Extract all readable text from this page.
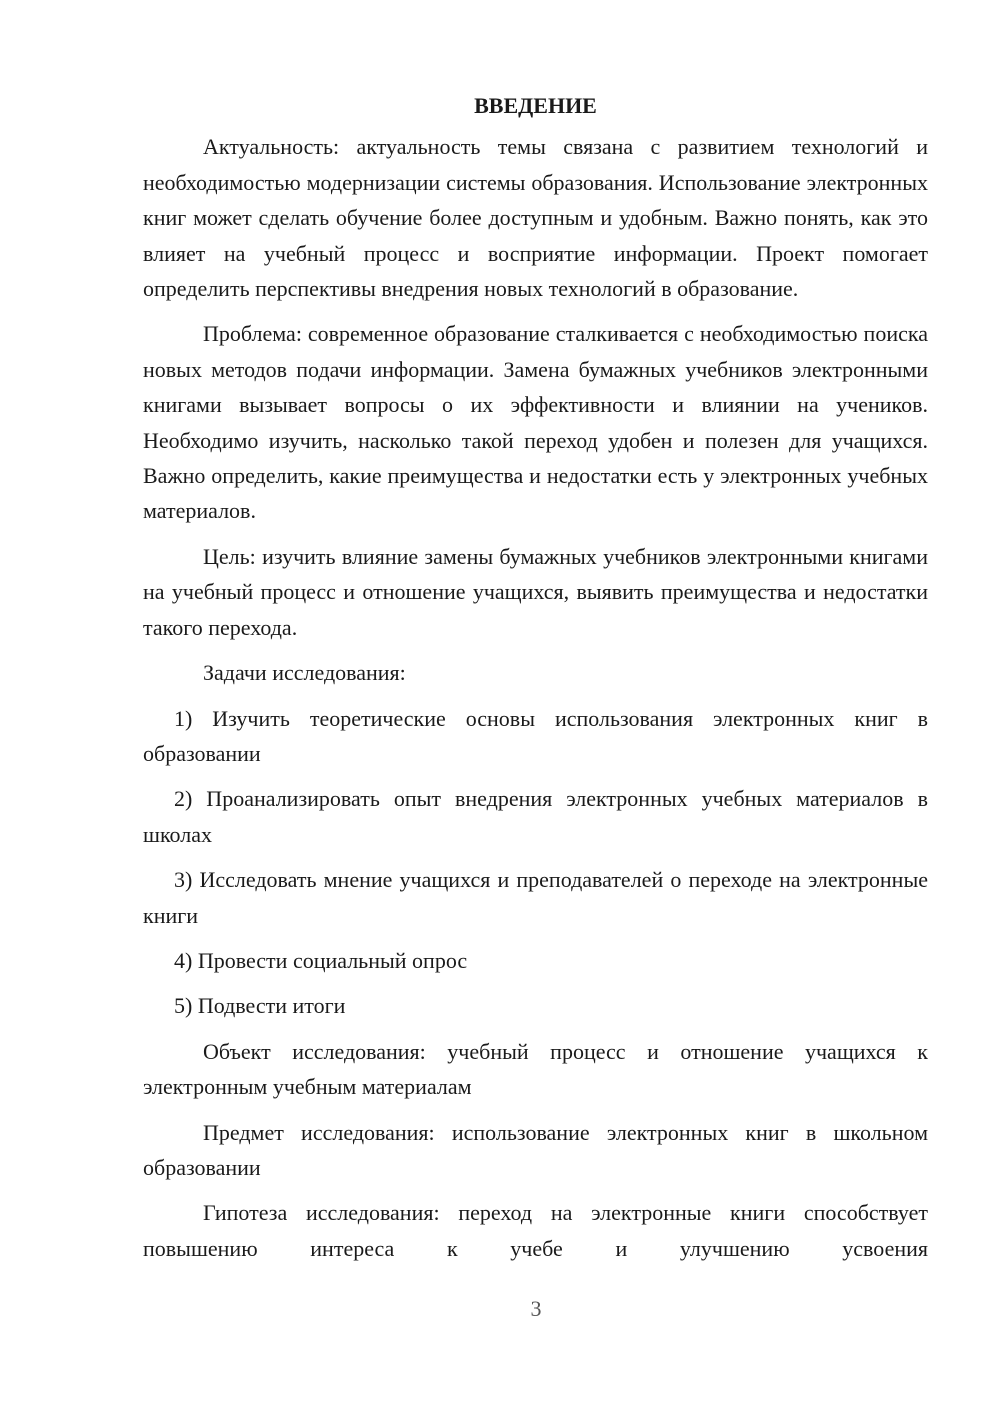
ВВЕДЕНИЕ

Актуальность: актуальность темы связана с развитием технологий и необходимостью модернизации системы образования. Использование электронных книг может сделать обучение более доступным и удобным. Важно понять, как это влияет на учебный процесс и восприятие информации. Проект помогает определить перспективы внедрения новых технологий в образование.

Проблема: современное образование сталкивается с необходимостью поиска новых методов подачи информации. Замена бумажных учебников электронными книгами вызывает вопросы о их эффективности и влиянии на учеников. Необходимо изучить, насколько такой переход удобен и полезен для учащихся. Важно определить, какие преимущества и недостатки есть у электронных учебных материалов.

Цель: изучить влияние замены бумажных учебников электронными книгами на учебный процесс и отношение учащихся, выявить преимущества и недостатки такого перехода.

Задачи исследования:

1) Изучить теоретические основы использования электронных книг в образовании

2) Проанализировать опыт внедрения электронных учебных материалов в школах

3) Исследовать мнение учащихся и преподавателей о переходе на электронные книги

4) Провести социальный опрос

5) Подвести итоги

Объект исследования: учебный процесс и отношение учащихся к электронным учебным материалам

Предмет исследования: использование электронных книг в школьном образовании

Гипотеза исследования: переход на электронные книги способствует повышению интереса к учебе и улучшению усвоения

3
